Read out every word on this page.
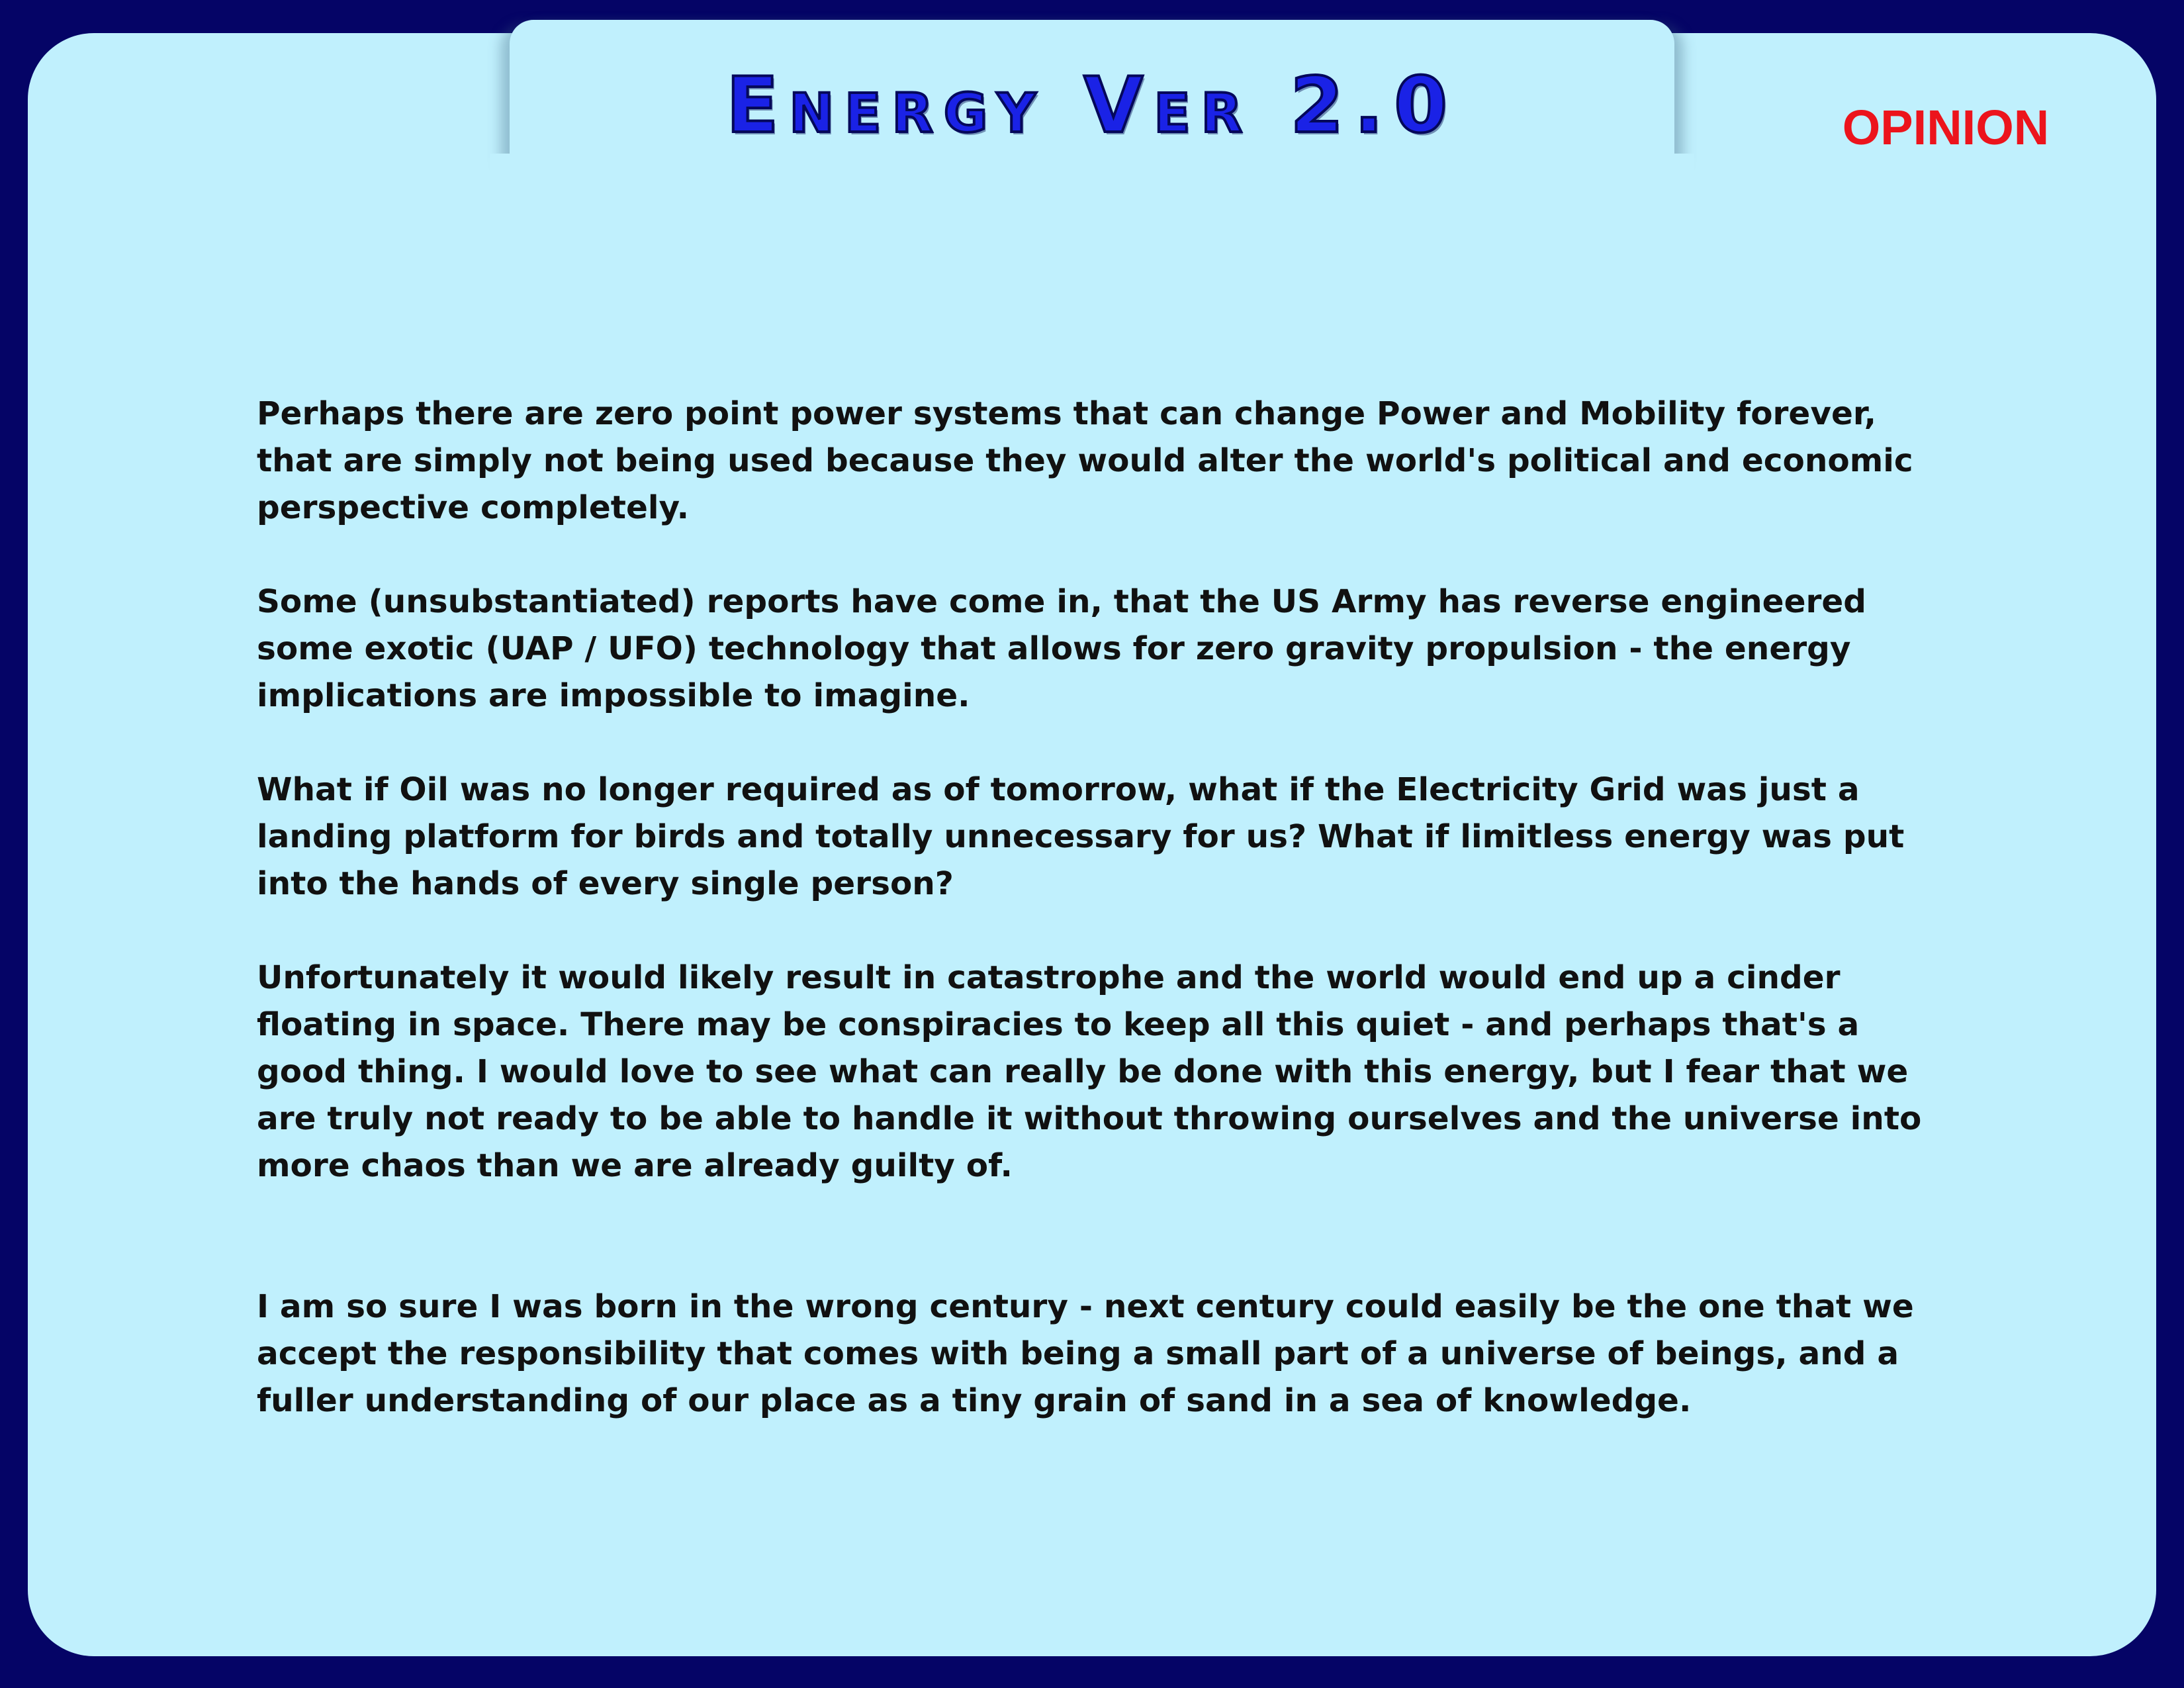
Energy Ver 2.0	OPINION

Perhaps there are zero point power systems that can change Power and Mobility forever, that are simply not being used because they would alter the world's political and economic perspective completely.

Some (unsubstantiated) reports have come in, that the US Army has reverse engineered some exotic (UAP / UFO) technology that allows for zero gravity propulsion - the energy implications are impossible to imagine.

What if Oil was no longer required as of tomorrow, what if the Electricity Grid was just a landing platform for birds and totally unnecessary for us? What if limitless energy was put into the hands of every single person?

Unfortunately it would likely result in catastrophe and the world would end up a cinder floating in space. There may be conspiracies to keep all this quiet - and perhaps that's a good thing. I would love to see what can really be done with this energy, but I fear that we are truly not ready to be able to handle it without throwing ourselves and the universe into more chaos than we are already guilty of.

I am so sure I was born in the wrong century - next century could easily be the one that we accept the responsibility that comes with being a small part of a universe of beings, and a fuller understanding of our place as a tiny grain of sand in a sea of knowledge.
